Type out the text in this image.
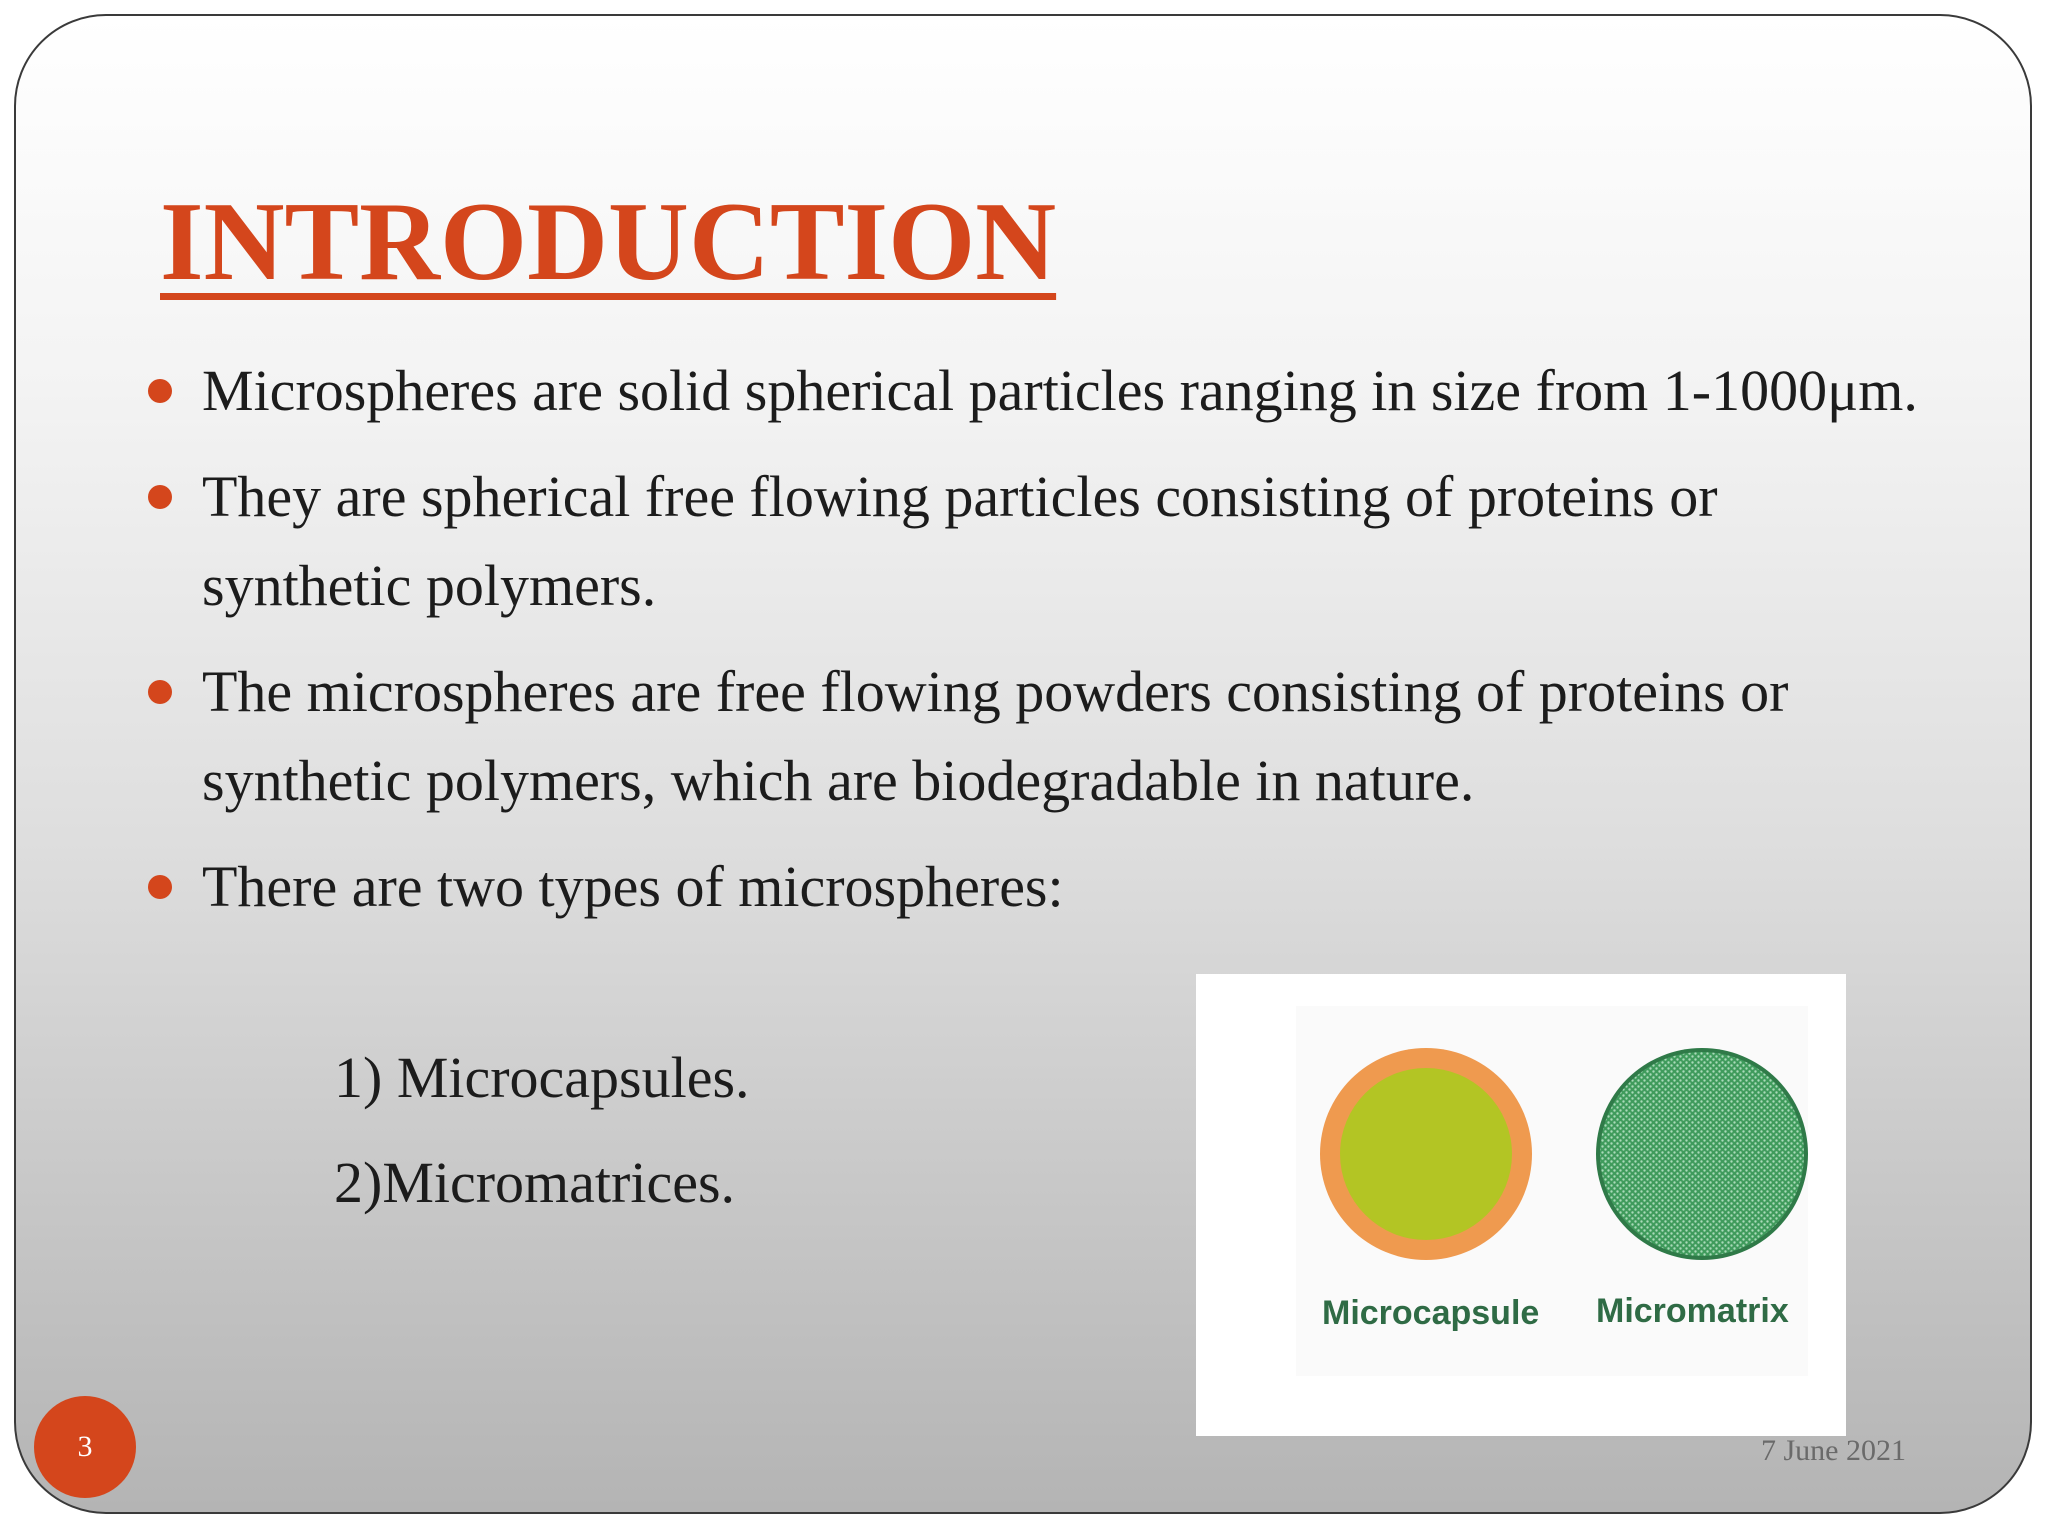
INTRODUCTION
Microspheres are solid spherical particles ranging in size from 1-1000μm.
They are spherical free flowing particles consisting of proteins or synthetic polymers.
The microspheres are free flowing powders consisting of proteins or synthetic polymers, which are biodegradable in nature.
There are two types of microspheres:
1) Microcapsules.
2)Micromatrices.
Microcapsule Micromatrix
3	7 June 2021
